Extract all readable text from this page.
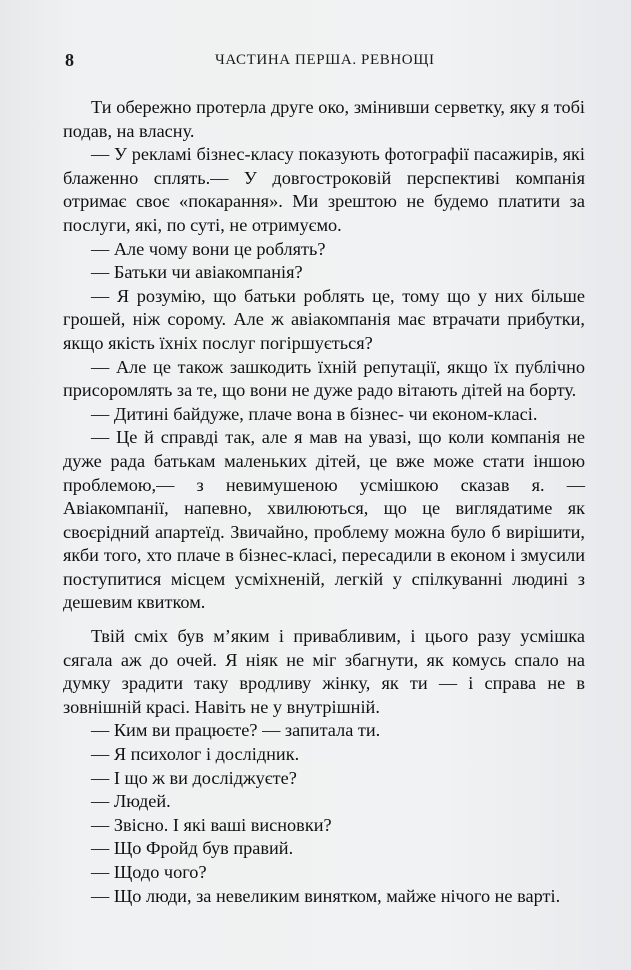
8	ЧАСТИНА ПЕРША. РЕВНОЩІ

Ти обережно протерла друге око, змінивши серветку, яку я тобі подав, на власну.

— У рекламі бізнес-класу показують фотографії пасажирів, які блаженно сплять.— У довгостроковій перспективі компанія отримає своє «покарання». Ми зрештою не будемо платити за послуги, які, по суті, не отримуємо.

— Але чому вони це роблять?

— Батьки чи авіакомпанія?

— Я розумію, що батьки роблять це, тому що у них більше грошей, ніж сорому. Але ж авіакомпанія має втрачати прибутки, якщо якість їхніх послуг погіршується?

— Але це також зашкодить їхній репутації, якщо їх публічно присоромлять за те, що вони не дуже радо вітають дітей на борту.

— Дитині байдуже, плаче вона в бізнес- чи економ-класі.

— Це й справді так, але я мав на увазі, що коли компанія не дуже рада батькам маленьких дітей, це вже може стати іншою проблемою,— з невимушеною усмішкою сказав я. — Авіакомпанії, напевно, хвилюються, що це виглядатиме як своєрідний апартеїд. Звичайно, проблему можна було б вирішити, якби того, хто плаче в бізнес-класі, пересадили в економ і змусили поступитися місцем усміхненій, легкій у спілкуванні людині з дешевим квитком.

Твій сміх був м’яким і привабливим, і цього разу усмішка сягала аж до очей. Я ніяк не міг збагнути, як комусь спало на думку зрадити таку вродливу жінку, як ти — і справа не в зовнішній красі. Навіть не у внутрішній.

— Ким ви працюєте? — запитала ти.

— Я психолог і дослідник.

— І що ж ви досліджуєте?

— Людей.

— Звісно. І які ваші висновки?

— Що Фройд був правий.

— Щодо чого?

— Що люди, за невеликим винятком, майже нічого не варті.
